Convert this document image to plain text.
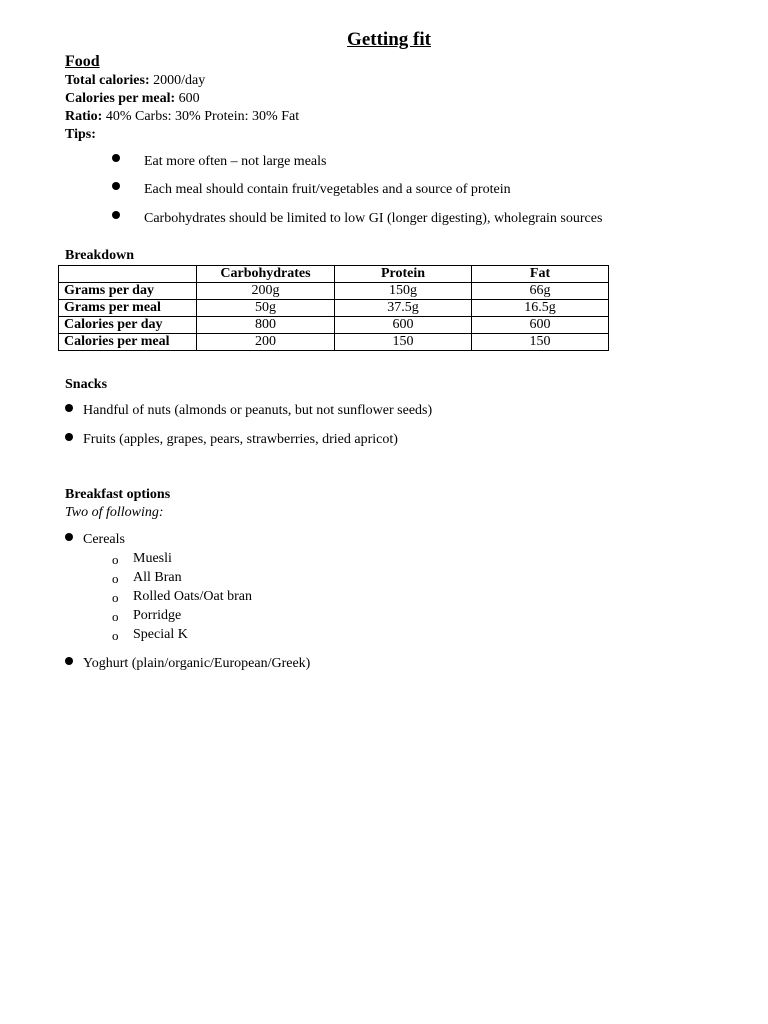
Getting fit
Food
Total calories: 2000/day
Calories per meal: 600
Ratio: 40% Carbs: 30% Protein: 30% Fat
Tips:
Eat more often – not large meals
Each meal should contain fruit/vegetables and a source of protein
Carbohydrates should be limited to low GI (longer digesting), wholegrain sources
Breakdown
	Carbohydrates	Protein	Fat
Grams per day	200g	150g	66g
Grams per meal	50g	37.5g	16.5g
Calories per day	800	600	600
Calories per meal	200	150	150
Snacks
Handful of nuts (almonds or peanuts, but not sunflower seeds)
Fruits (apples, grapes, pears, strawberries, dried apricot)
Breakfast options
Two of following:
Cereals
o Muesli
o All Bran
o Rolled Oats/Oat bran
o Porridge
o Special K
Yoghurt (plain/organic/European/Greek)
